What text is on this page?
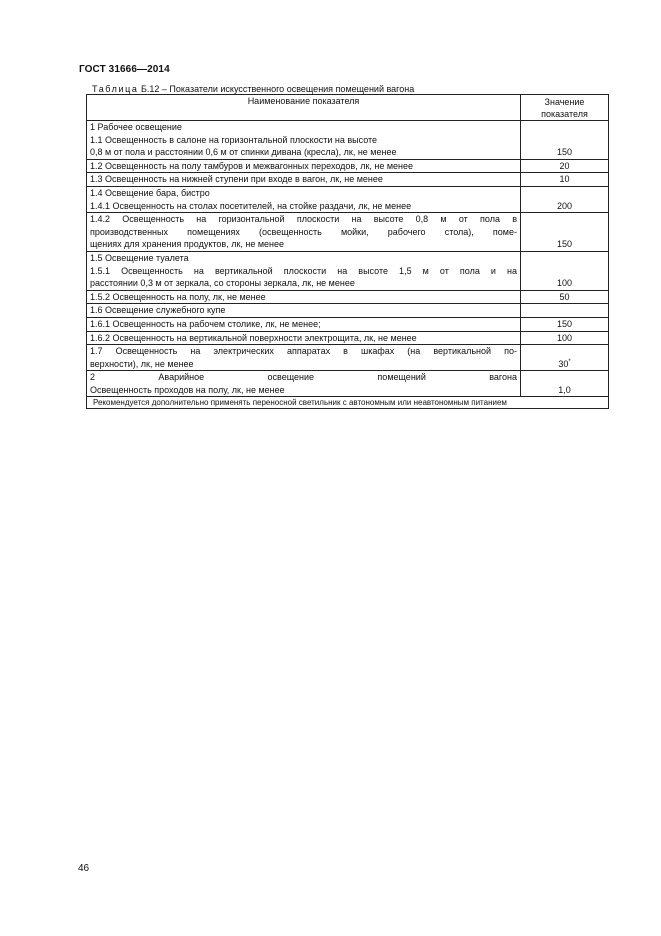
ГОСТ 31666—2014
Таблица Б.12 – Показатели искусственного освещения помещений вагона
Наименование показателя	Значение
показателя

1 Рабочее освещение
1.1 Освещенность в салоне на горизонтальной плоскости на высоте
0,8 м от пола и расстоянии 0,6 м от спинки дивана (кресла), лк, не менее	150

1.2 Освещенность на полу тамбуров и межвагонных переходов, лк, не менее	20

1.3 Освещенность на нижней ступени при входе в вагон, лк, не менее	10

1.4 Освещение бара, бистро
1.4.1 Освещенность на столах посетителей, на стойке раздачи, лк, не менее	200

1.4.2 Освещенность на горизонтальной плоскости на высоте 0,8 м от пола в
производственных помещениях (освещенность мойки, рабочего стола), поме-
щениях для хранения продуктов, лк, не менее	150

1.5 Освещение туалета
1.5.1 Освещенность на вертикальной плоскости на высоте 1,5 м от пола и на
расстоянии 0,3 м от зеркала, со стороны зеркала, лк, не менее	100

1.5.2 Освещенность на полу, лк, не менее	50

1.6 Освещение служебного купе	

1.6.1 Освещенность на рабочем столике, лк, не менее;	150

1.6.2 Освещенность на вертикальной поверхности электрощита, лк, не менее	100

1.7 Освещенность на электрических аппаратах в шкафах (на вертикальной по-
верхности), лк, не менее	30*

2 Аварийное освещение помещений вагона
Освещенность проходов на полу, лк, не менее	1,0
Рекомендуется дополнительно применять переносной светильник с автономным или неавтономным питанием	
46
